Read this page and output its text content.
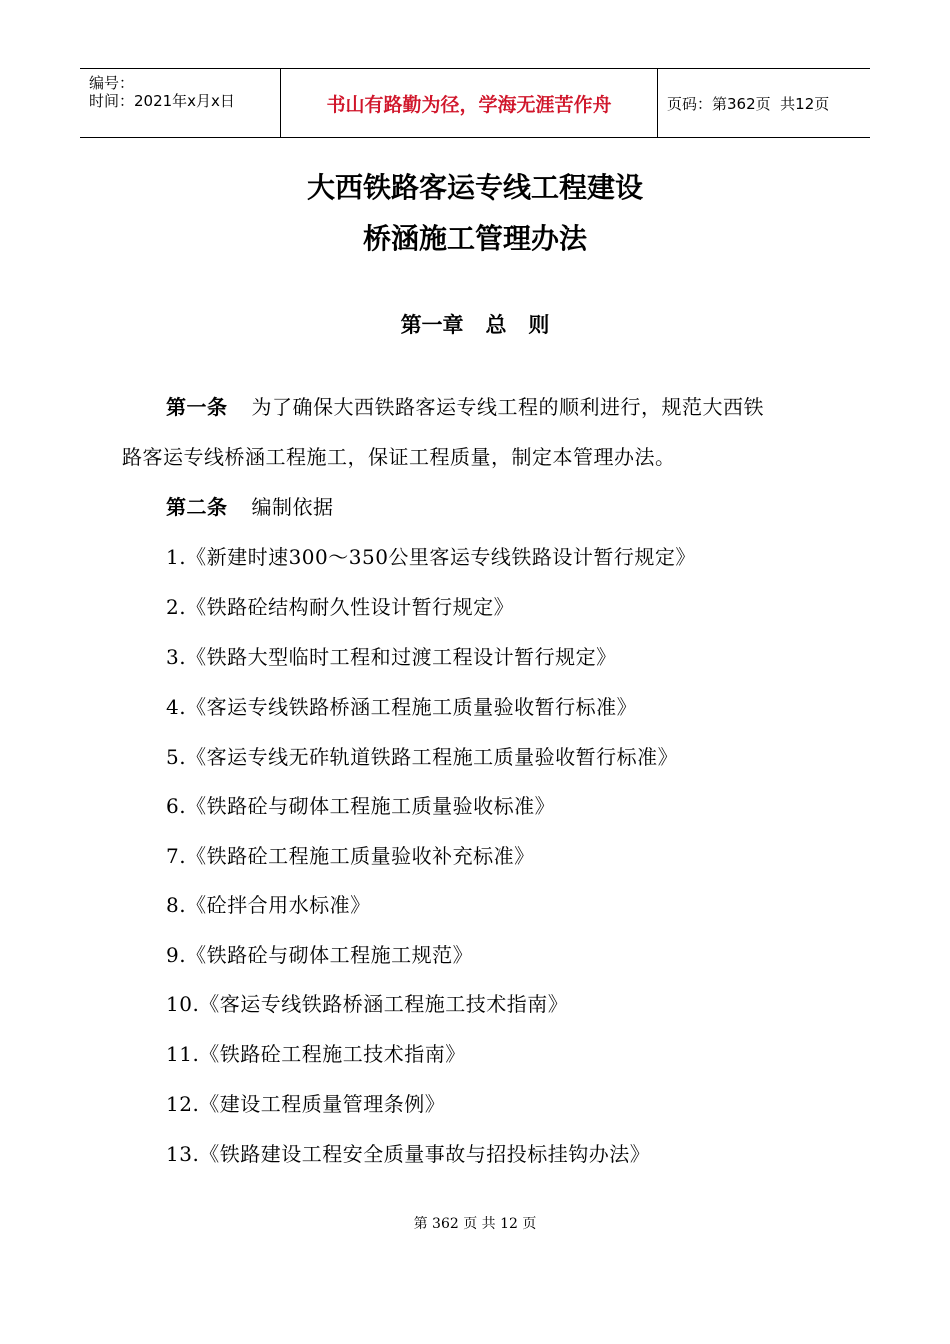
编号：
时间：2021年x月x日	书山有路勤为径，学海无涯苦作舟	页码：第362页  共12页
大西铁路客运专线工程建设
桥涵施工管理办法
第一章   总   则
第一条 为了确保大西铁路客运专线工程的顺利进行，规范大西铁
路客运专线桥涵工程施工，保证工程质量，制定本管理办法。
第二条 编制依据
1.《新建时速300～350公里客运专线铁路设计暂行规定》
2.《铁路砼结构耐久性设计暂行规定》
3.《铁路大型临时工程和过渡工程设计暂行规定》
4.《客运专线铁路桥涵工程施工质量验收暂行标准》
5.《客运专线无砟轨道铁路工程施工质量验收暂行标准》
6.《铁路砼与砌体工程施工质量验收标准》
7.《铁路砼工程施工质量验收补充标准》
8.《砼拌合用水标准》
9.《铁路砼与砌体工程施工规范》
10.《客运专线铁路桥涵工程施工技术指南》
11.《铁路砼工程施工技术指南》
12.《建设工程质量管理条例》
13.《铁路建设工程安全质量事故与招投标挂钩办法》
第 362 页 共 12 页
